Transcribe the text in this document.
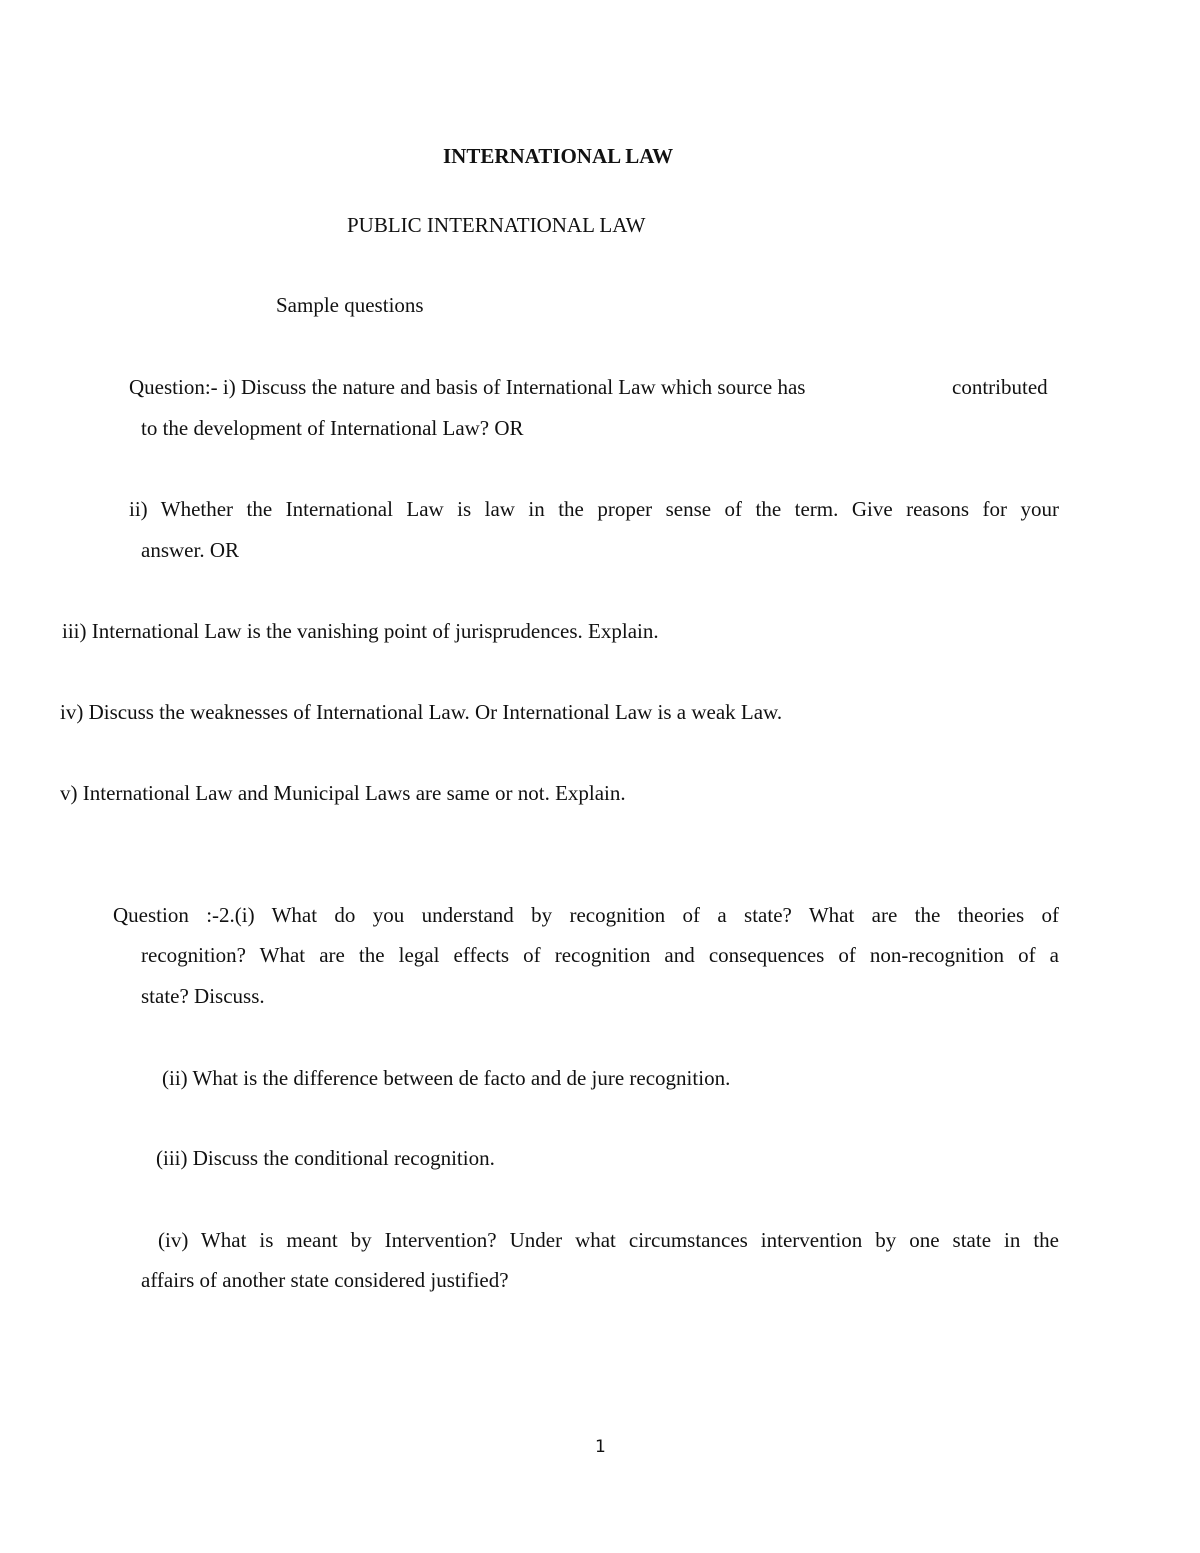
INTERNATIONAL LAW
PUBLIC INTERNATIONAL LAW
Sample questions
Question:- i) Discuss the nature and basis of International Law which source has	contributed
to the development of International Law? OR
ii) Whether the International Law is law in the proper sense of the term. Give reasons for your
answer. OR
iii) International Law is the vanishing point of jurisprudences. Explain.
iv) Discuss the weaknesses of International Law. Or International Law is a weak Law.
v) International Law and Municipal Laws are same or not. Explain.
Question :-2.(i) What do you understand by recognition of a state? What are the theories of
recognition? What are the legal effects of recognition and consequences of non-recognition of a
state? Discuss.
(ii) What is the difference between de facto and de jure recognition.
(iii) Discuss the conditional recognition.
(iv) What is meant by Intervention? Under what circumstances intervention by one state in the
affairs of another state considered justified?
1
